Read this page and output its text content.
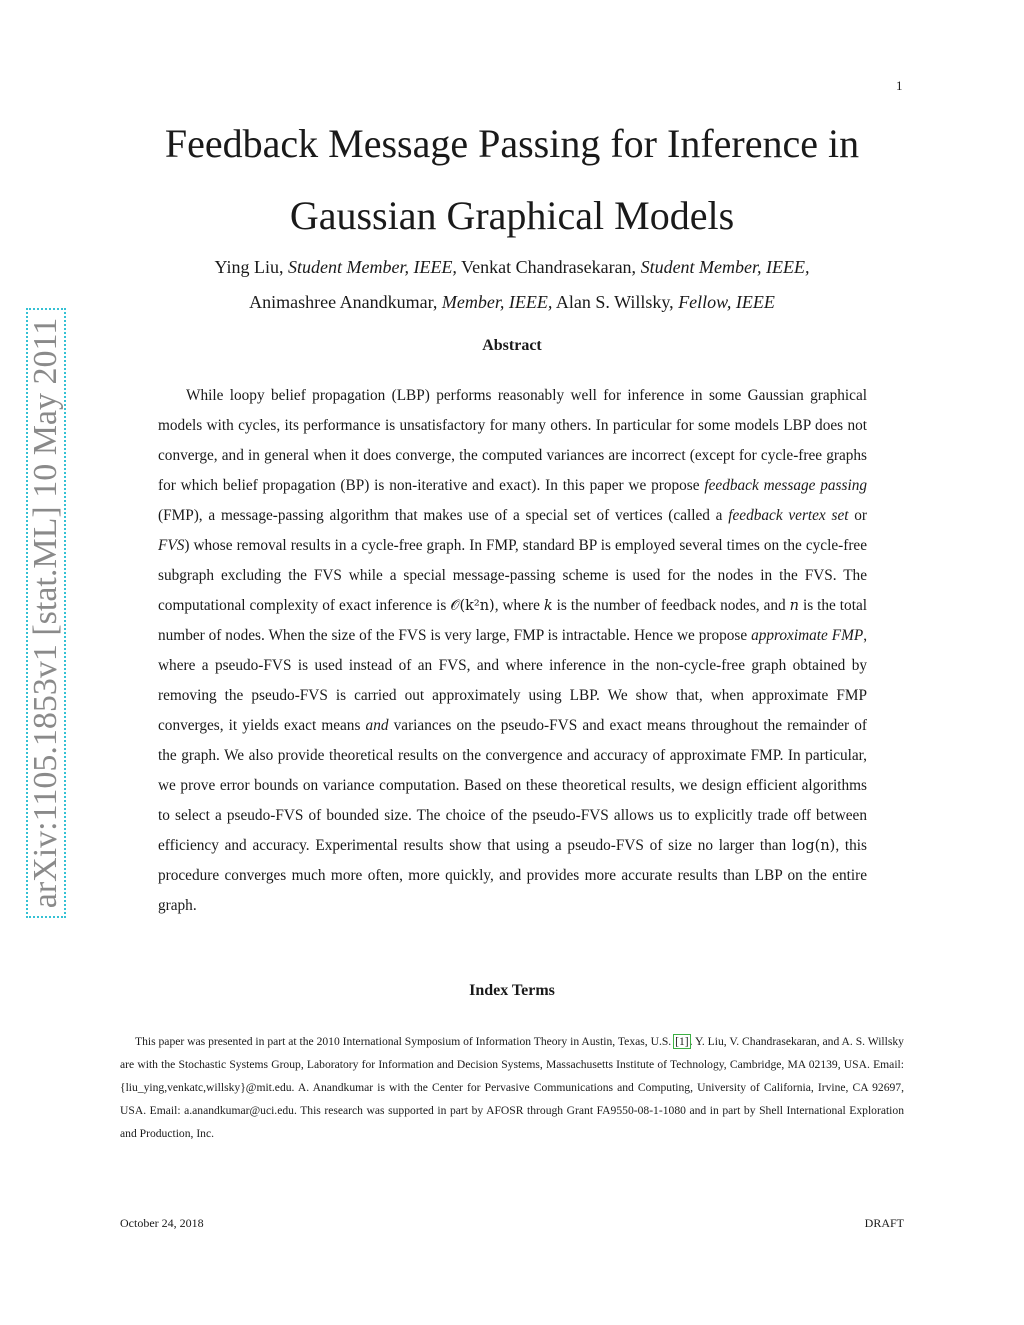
1
Feedback Message Passing for Inference in
Gaussian Graphical Models
Ying Liu, Student Member, IEEE, Venkat Chandrasekaran, Student Member, IEEE,
Animashree Anandkumar, Member, IEEE, Alan S. Willsky, Fellow, IEEE
Abstract

While loopy belief propagation (LBP) performs reasonably well for inference in some Gaussian graphical models with cycles, its performance is unsatisfactory for many others. In particular for some models LBP does not converge, and in general when it does converge, the computed variances are incorrect (except for cycle-free graphs for which belief propagation (BP) is non-iterative and exact). In this paper we propose feedback message passing (FMP), a message-passing algorithm that makes use of a special set of vertices (called a feedback vertex set or FVS) whose removal results in a cycle-free graph. In FMP, standard BP is employed several times on the cycle-free subgraph excluding the FVS while a special message-passing scheme is used for the nodes in the FVS. The computational complexity of exact inference is 𝒪(k²n), where k is the number of feedback nodes, and n is the total number of nodes. When the size of the FVS is very large, FMP is intractable. Hence we propose approximate FMP, where a pseudo-FVS is used instead of an FVS, and where inference in the non-cycle-free graph obtained by removing the pseudo-FVS is carried out approximately using LBP. We show that, when approximate FMP converges, it yields exact means and variances on the pseudo-FVS and exact means throughout the remainder of the graph. We also provide theoretical results on the convergence and accuracy of approximate FMP. In particular, we prove error bounds on variance computation. Based on these theoretical results, we design efficient algorithms to select a pseudo-FVS of bounded size. The choice of the pseudo-FVS allows us to explicitly trade off between efficiency and accuracy. Experimental results show that using a pseudo-FVS of size no larger than log(n), this procedure converges much more often, more quickly, and provides more accurate results than LBP on the entire graph.

Index Terms

This paper was presented in part at the 2010 International Symposium of Information Theory in Austin, Texas, U.S. [1]. Y. Liu, V. Chandrasekaran, and A. S. Willsky are with the Stochastic Systems Group, Laboratory for Information and Decision Systems, Massachusetts Institute of Technology, Cambridge, MA 02139, USA. Email: {liu_ying,venkatc,willsky}@mit.edu. A. Anandkumar is with the Center for Pervasive Communications and Computing, University of California, Irvine, CA 92697, USA. Email: a.anandkumar@uci.edu. This research was supported in part by AFOSR through Grant FA9550-08-1-1080 and in part by Shell International Exploration and Production, Inc.

October 24, 2018	DRAFT
arXiv:1105.1853v1 [stat.ML] 10 May 2011
